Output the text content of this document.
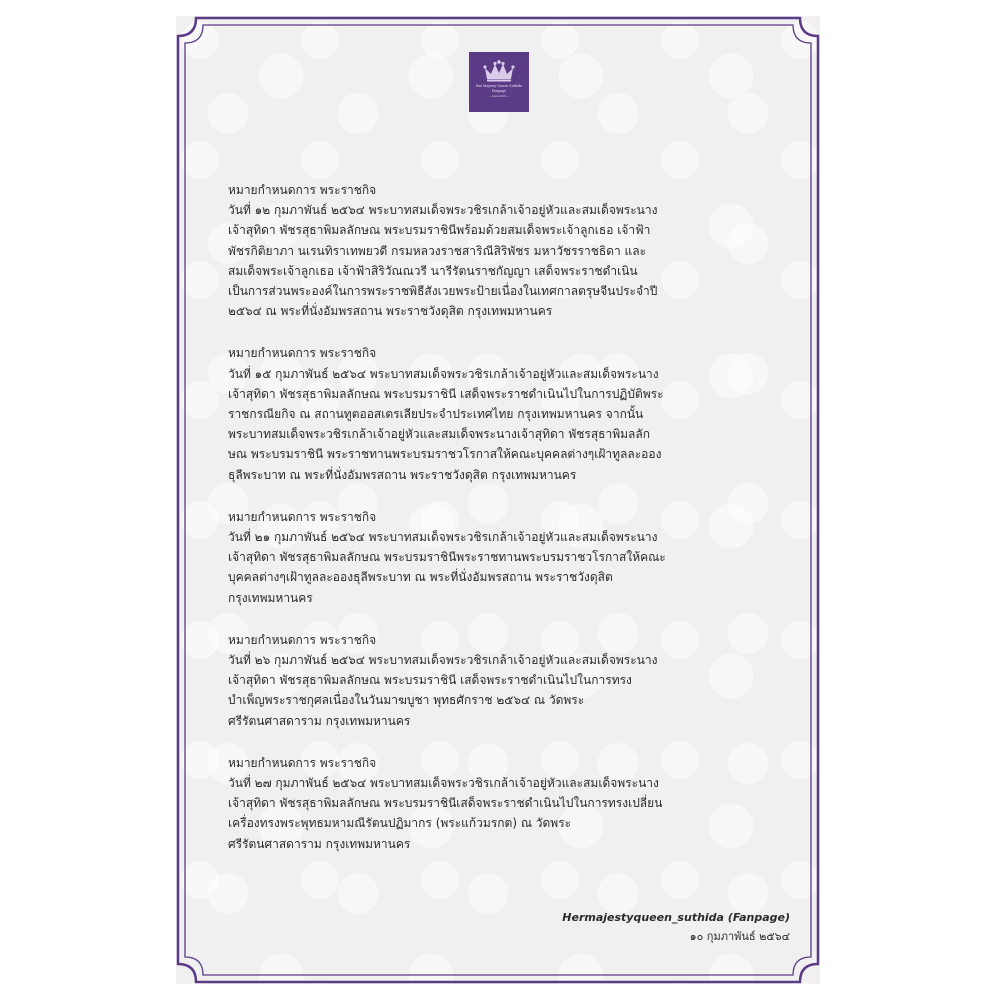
Her Majesty Queen Suthida
Fanpage
~ since 2019 ~

หมายกำหนดการ พระราชกิจ

วันที่ ๑๒ กุมภาพันธ์ ๒๕๖๔ พระบาทสมเด็จพระวชิรเกล้าเจ้าอยู่หัวและสมเด็จพระนาง

เจ้าสุทิดา พัชรสุธาพิมลลักษณ พระบรมราชินีพร้อมด้วยสมเด็จพระเจ้าลูกเธอ เจ้าฟ้า

พัชรกิติยาภา นเรนทิราเทพยวดี กรมหลวงราชสาริณีสิริพัชร มหาวัชรราชธิดา และ

สมเด็จพระเจ้าลูกเธอ เจ้าฟ้าสิริวัณณวรี นารีรัตนราชกัญญา เสด็จพระราชดำเนิน

เป็นการส่วนพระองค์ในการพระราชพิธีสังเวยพระป้ายเนื่องในเทศกาลตรุษจีนประจำปี

๒๕๖๔ ณ พระที่นั่งอัมพรสถาน พระราชวังดุสิต กรุงเทพมหานคร

หมายกำหนดการ พระราชกิจ

วันที่ ๑๕ กุมภาพันธ์ ๒๕๖๔ พระบาทสมเด็จพระวชิรเกล้าเจ้าอยู่หัวและสมเด็จพระนาง

เจ้าสุทิดา พัชรสุธาพิมลลักษณ พระบรมราชินี เสด็จพระราชดำเนินไปในการปฏิบัติพระ

ราชกรณียกิจ ณ สถานทูตออสเตรเลียประจำประเทศไทย กรุงเทพมหานคร จากนั้น

พระบาทสมเด็จพระวชิรเกล้าเจ้าอยู่หัวและสมเด็จพระนางเจ้าสุทิดา พัชรสุธาพิมลลัก

ษณ พระบรมราชินี พระราชทานพระบรมราชวโรกาสให้คณะบุคคลต่างๆเฝ้าทูลละออง

ธุลีพระบาท ณ พระที่นั่งอัมพรสถาน พระราชวังดุสิต กรุงเทพมหานคร

หมายกำหนดการ พระราชกิจ

วันที่ ๒๑ กุมภาพันธ์ ๒๕๖๔ พระบาทสมเด็จพระวชิรเกล้าเจ้าอยู่หัวและสมเด็จพระนาง

เจ้าสุทิดา พัชรสุธาพิมลลักษณ พระบรมราชินีพระราชทานพระบรมราชวโรกาสให้คณะ

บุคคลต่างๆเฝ้าทูลละอองธุลีพระบาท ณ พระที่นั่งอัมพรสถาน พระราชวังดุสิต

กรุงเทพมหานคร

หมายกำหนดการ พระราชกิจ

วันที่ ๒๖ กุมภาพันธ์ ๒๕๖๔ พระบาทสมเด็จพระวชิรเกล้าเจ้าอยู่หัวและสมเด็จพระนาง

เจ้าสุทิดา พัชรสุธาพิมลลักษณ พระบรมราชินี เสด็จพระราชดำเนินไปในการทรง

บำเพ็ญพระราชกุศลเนื่องในวันมาฆบูชา พุทธศักราช ๒๕๖๔ ณ วัดพระ

ศรีรัตนศาสดาราม กรุงเทพมหานคร

หมายกำหนดการ พระราชกิจ

วันที่ ๒๗ กุมภาพันธ์ ๒๕๖๔ พระบาทสมเด็จพระวชิรเกล้าเจ้าอยู่หัวและสมเด็จพระนาง

เจ้าสุทิดา พัชรสุธาพิมลลักษณ พระบรมราชินีเสด็จพระราชดำเนินไปในการทรงเปลี่ยน

เครื่องทรงพระพุทธมหามณีรัตนปฏิมากร (พระแก้วมรกต) ณ วัดพระ

ศรีรัตนศาสดาราม กรุงเทพมหานคร

Hermajestyqueen_suthida (Fanpage)
๑๐ กุมภาพันธ์ ๒๕๖๔
